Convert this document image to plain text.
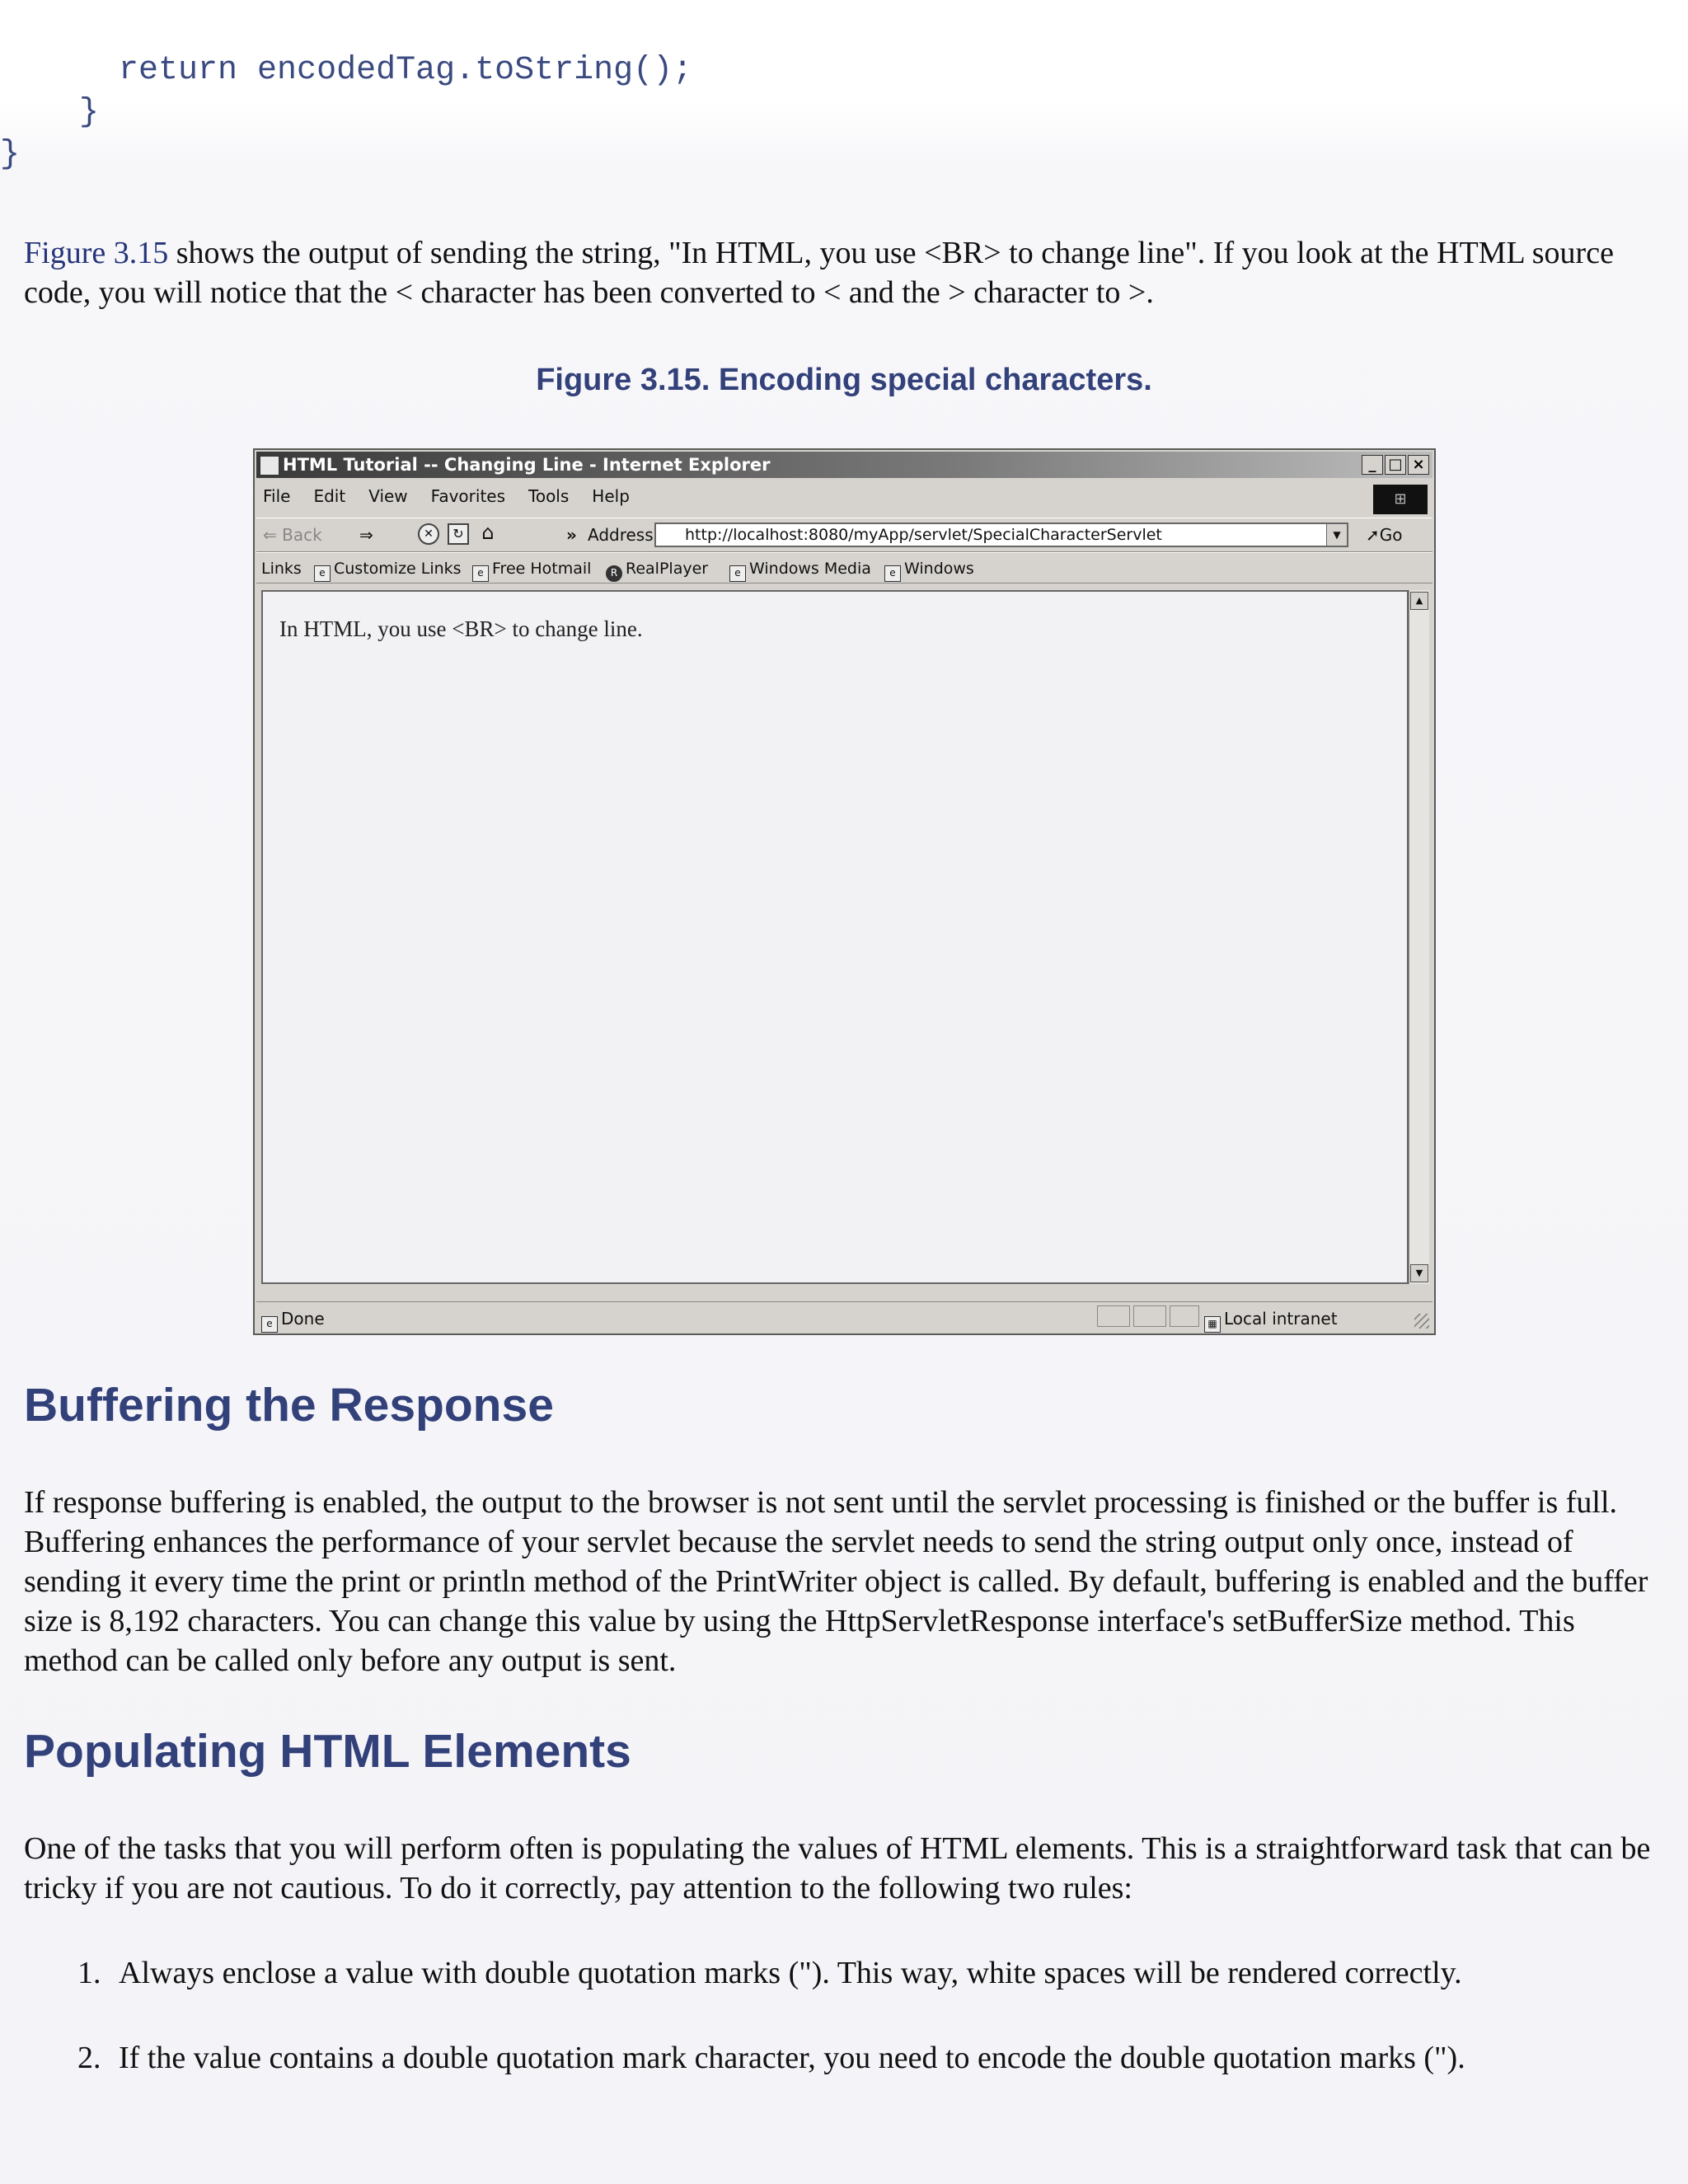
return encodedTag.toString();
}
}

Figure 3.15 shows the output of sending the string, "In HTML, you use <BR> to change line". If you look at the HTML source code, you will notice that the < character has been converted to < and the > character to >.

Figure 3.15. Encoding special characters.
HTML Tutorial -- Changing Line - Internet Explorer	_ □ ×
File Edit View Favorites Tools Help	⊞
⇐ Back ⇒	✕	↻ ⌂	» Address	http://localhost:8080/myApp/servlet/SpecialCharacterServlet	▼	➚Go
Links	e Customize Links	e Free Hotmail	R RealPlayer	e Windows Media	e Windows
In HTML, you use <BR> to change line.
▲
▼
e Done	▦ Local intranet
Buffering the Response

If response buffering is enabled, the output to the browser is not sent until the servlet processing is finished or the buffer is full. Buffering enhances the performance of your servlet because the servlet needs to send the string output only once, instead of sending it every time the print or println method of the PrintWriter object is called. By default, buffering is enabled and the buffer size is 8,192 characters. You can change this value by using the HttpServletResponse interface's setBufferSize method. This method can be called only before any output is sent.

Populating HTML Elements

One of the tasks that you will perform often is populating the values of HTML elements. This is a straightforward task that can be tricky if you are not cautious. To do it correctly, pay attention to the following two rules:

1. Always enclose a value with double quotation marks ("). This way, white spaces will be rendered correctly.
2. If the value contains a double quotation mark character, you need to encode the double quotation marks (").
